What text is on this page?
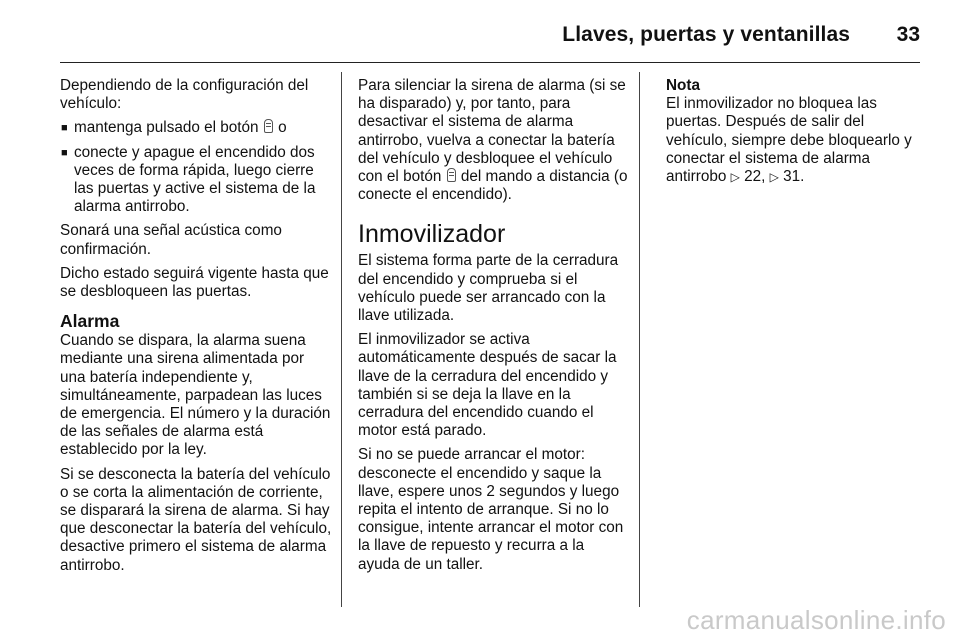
Llaves, puertas y ventanillas 33

Dependiendo de la configuración del vehículo:

■ mantenga pulsado el botón o
■ conecte y apague el encendido dos veces de forma rápida, luego cierre las puertas y active el sistema de la alarma antirrobo.

Sonará una señal acústica como confirmación.

Dicho estado seguirá vigente hasta que se desbloqueen las puertas.

Alarma

Cuando se dispara, la alarma suena mediante una sirena alimentada por una batería independiente y, simultáneamente, parpadean las luces de emergencia. El número y la duración de las señales de alarma está establecido por la ley.

Si se desconecta la batería del vehículo o se corta la alimentación de corriente, se disparará la sirena de alarma. Si hay que desconectar la batería del vehículo, desactive primero el sistema de alarma antirrobo.

Para silenciar la sirena de alarma (si se ha disparado) y, por tanto, para desactivar el sistema de alarma antirrobo, vuelva a conectar la batería del vehículo y desbloquee el vehículo con el botón del mando a distancia (o conecte el encendido).

Inmovilizador

El sistema forma parte de la cerradura del encendido y comprueba si el vehículo puede ser arrancado con la llave utilizada.

El inmovilizador se activa automáticamente después de sacar la llave de la cerradura del encendido y también si se deja la llave en la cerradura del encendido cuando el motor está parado.

Si no se puede arrancar el motor: desconecte el encendido y saque la llave, espere unos 2 segundos y luego repita el intento de arranque. Si no lo consigue, intente arrancar el motor con la llave de repuesto y recurra a la ayuda de un taller.

Nota

El inmovilizador no bloquea las puertas. Después de salir del vehículo, siempre debe bloquearlo y conectar el sistema de alarma antirrobo ▷ 22, ▷ 31.

carmanualsonline.info
